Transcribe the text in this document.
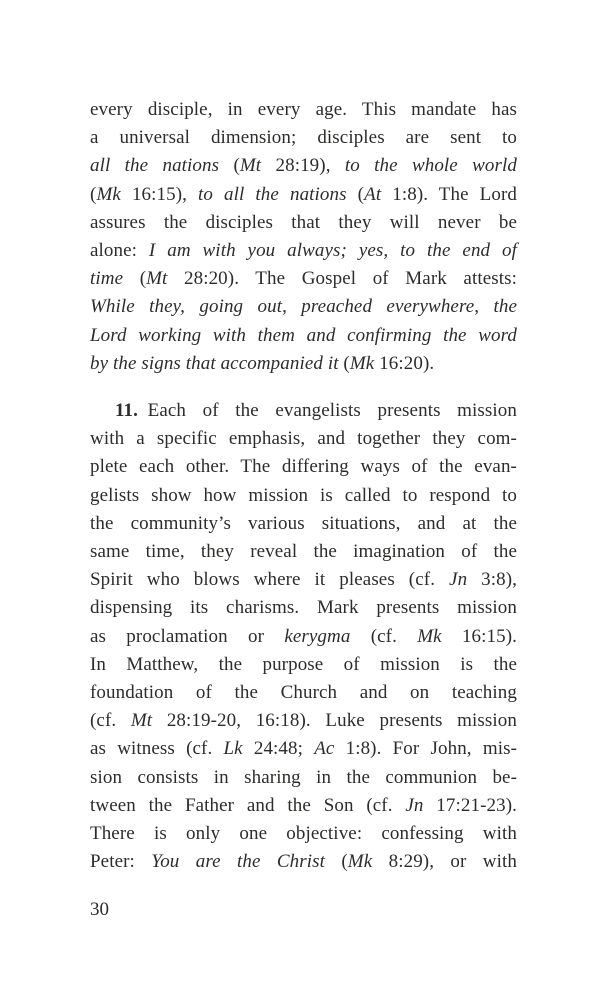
every disciple, in every age. This mandate has
a universal dimension; disciples are sent to
all the nations (Mt 28:19), to the whole world
(Mk 16:15), to all the nations (At 1:8). The Lord
assures the disciples that they will never be
alone: I am with you always; yes, to the end of
time (Mt 28:20). The Gospel of Mark attests:
While they, going out, preached everywhere, the
Lord working with them and confirming the word
by the signs that accompanied it (Mk 16:20).
11. Each of the evangelists presents mission
with a specific emphasis, and together they com-
plete each other. The differing ways of the evan-
gelists show how mission is called to respond to
the community’s various situations, and at the
same time, they reveal the imagination of the
Spirit who blows where it pleases (cf. Jn 3:8),
dispensing its charisms. Mark presents mission
as proclamation or kerygma (cf. Mk 16:15).
In Matthew, the purpose of mission is the
foundation of the Church and on teaching
(cf. Mt 28:19-20, 16:18). Luke presents mission
as witness (cf. Lk 24:48; Ac 1:8). For John, mis-
sion consists in sharing in the communion be-
tween the Father and the Son (cf. Jn 17:21-23).
There is only one objective: confessing with
Peter: You are the Christ (Mk 8:29), or with
30
